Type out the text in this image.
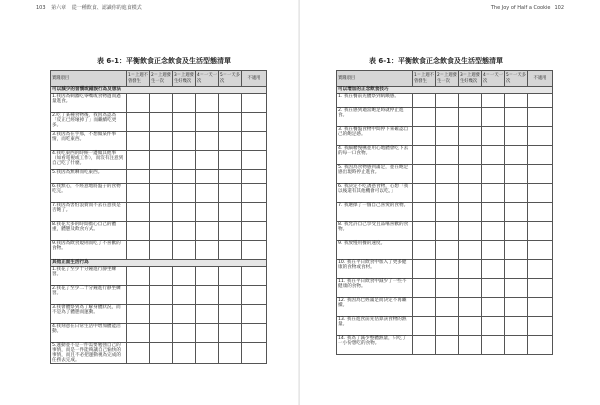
103 第六章 從一種飲食、認識你的進食模式
表 6-1：平衡飲食正念飲食及生活型態清單
實踐項目	1＝上週不曾發生	2＝上週發生一次	3＝上週發生好幾次	4＝一天一次	5＝一天多次	不適用
可以減少的習慣或錯誤行為及想法						
1.我因為刺激吃零嘴或食物過而過量進食。						
2.吃了某種食物後，我因為認為「反正已經壞掉了」而繼續吃更多。						
3.我因為在乎那，不想做某件事情，而吃東西。						
4.我吃東西的時候一邊做其他事（如看電視或工作），而沒有注意到自己吃了什麼。						
5.我因為無聊而吃東西。						
6.我無心，不經意地將盤子的食物吃完。						
7.我因為害怕浪費而不去在意我是否飽了。						
8.我花大多的時間擔心自己的體重，體態及飲食方式。						
9.我因為飲食規則而吃了不喜歡的食物。						
其他正面生活行為						
1.我花了至少十分鐘進行靜坐練習。						
2.我花了至少二十分鐘進行靜坐練習。						
3.我會體察到為了解身體狀況，而不是為了體態而運動。						
4.我刻意在日常生活中增加體能活動。						
5.運動並不是一件需要勉強自己的事情，而是一件能夠讓自己愉快的事情，而且不必把運動視為完成的任務去完成。						
The Joy of Half a Cookie 102
表 6-1：平衡飲食正念飲食及生活型態清單
實踐項目	1＝上週不曾發生	2＝上週發生一次	3＝上週發生好幾次	4＝一天一次	5＝一天多次	不適用
可以增加的正念飲食技巧						
1. 我在餐前先體察到飢餓感。						
2. 我在感到適當飽足時就停止進食。						
3. 我在餐盤食物中間停下來確認自己的飽足感。						
4. 我細嚼慢嚥並用心地體會吃下去的每一口食物。						
5. 我因為食物感到滿足，並在飽足感出現時停止進食。						
6. 我決定不吃誘惑食物，心想「我以後還有其他機會可以吃。」						
7. 我選擇了一個自己喜愛的食物。						
8. 我允許自己享受且品嚐喜歡的食物。						
9. 我放慢用餐的速度。						
10. 我在平日飲食中加入了更多健康的食物或食材。						
11. 我在平日飲食中減少了一些不健康的食物。						
12. 我因為已經滿足而決定不再繼續。						
13. 我在進食前先估算該食物的熱量。						
14. 我為了減少整體熱量，只吃了一小份想吃的食物。						
